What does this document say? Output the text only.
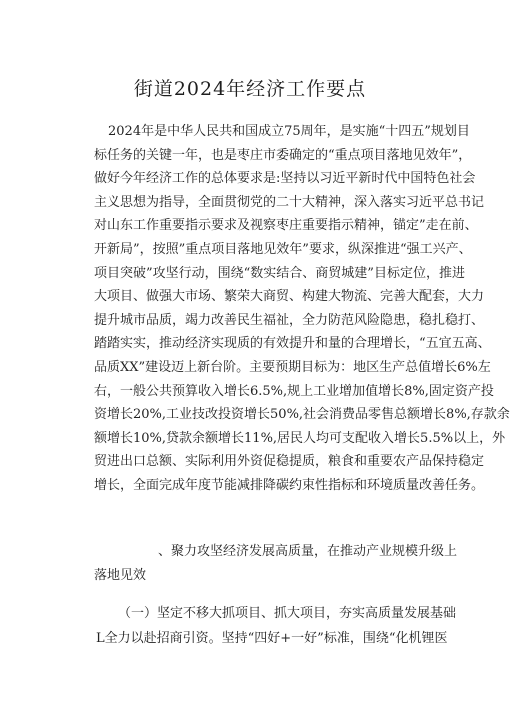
街道2024年经济工作要点
2024年是中华人民共和国成立75周年，是实施“十四五”规划目
标任务的关键一年，也是枣庄市委确定的“重点项目落地见效年”，
做好今年经济工作的总体要求是:坚持以习近平新时代中国特色社会
主义思想为指导，全面贯彻党的二十大精神，深入落实习近平总书记
对山东工作重要指示要求及视察枣庄重要指示精神，锚定”走在前、
开新局”，按照”重点项目落地见效年”要求，纵深推进“强工兴产、
项目突破”攻坚行动，围绕“数实结合、商贸城建”目标定位，推进
大项目、做强大市场、繁荣大商贸、构建大物流、完善大配套，大力
提升城市品质，竭力改善民生福祉，全力防范风险隐患，稳扎稳打、
踏踏实实，推动经济实现质的有效提升和量的合理增长，“五宜五高、
品质XX”建设迈上新台阶。主要预期目标为：地区生产总值增长6%左
右，一般公共预算收入增长6.5%,规上工业增加值增长8%,固定资产投
资增长20%,工业技改投资增长50%,社会消费品零售总额增长8%,存款余
额增长10%,贷款余额增长11%,居民人均可支配收入增长5.5%以上，外
贸进出口总额、实际利用外资促稳提质，粮食和重要农产品保持稳定
增长，全面完成年度节能减排降碳约束性指标和环境质量改善任务。
、聚力攻坚经济发展高质量，在推动产业规模升级上
落地见效
（一）坚定不移大抓项目、抓大项目，夯实高质量发展基础
L全力以赴招商引资。坚持“四好+一好”标准，围绕“化机锂医
